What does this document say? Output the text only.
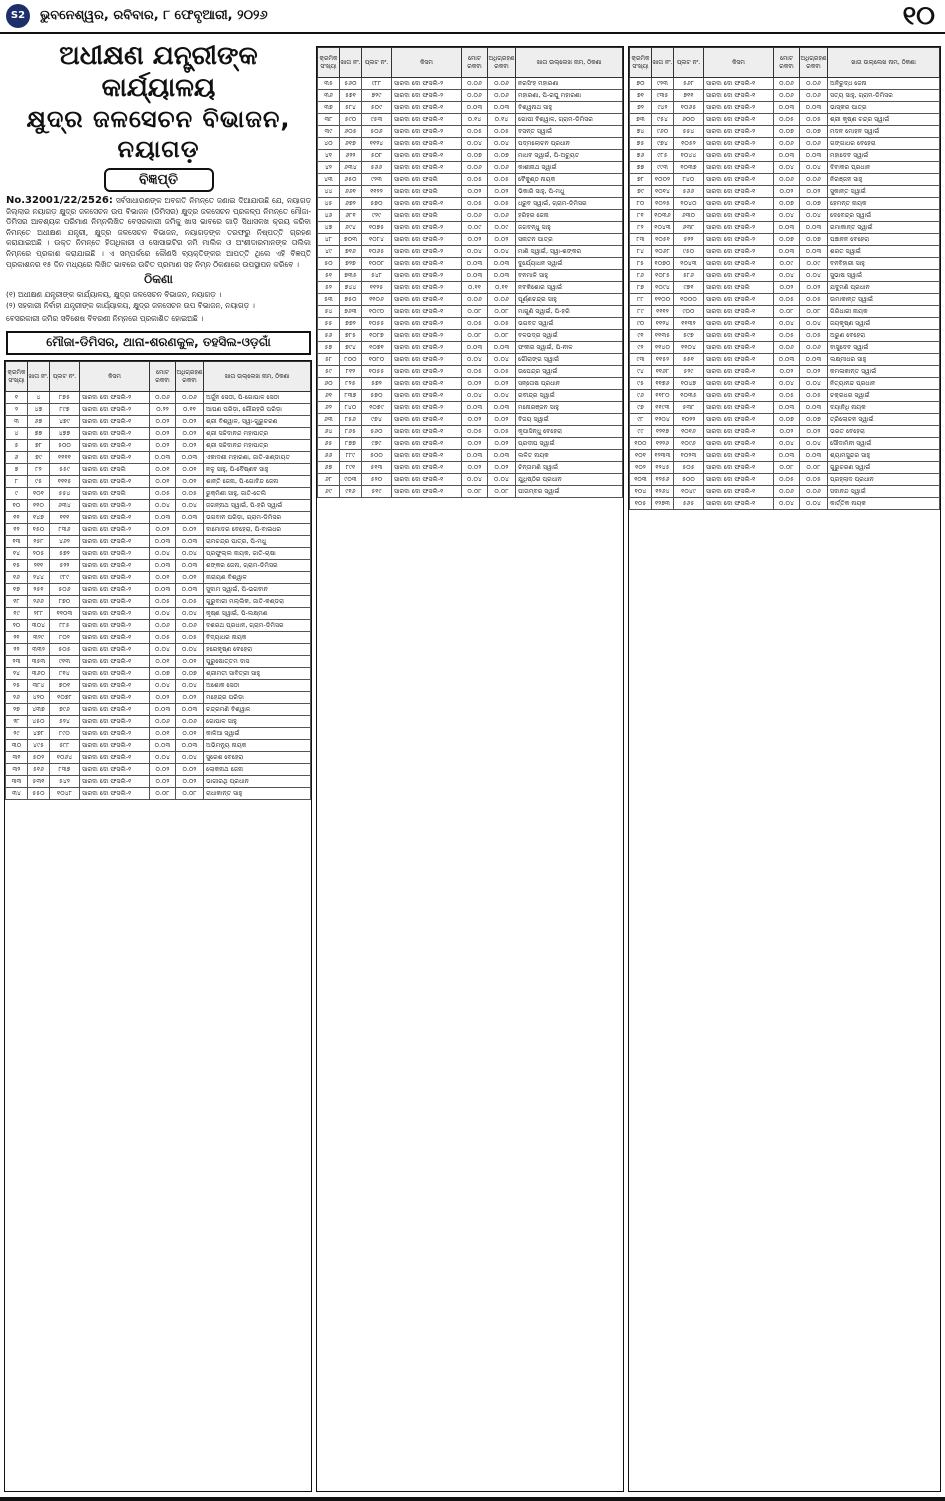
S2	ଭୁବନେଶ୍ୱର, ରବିବାର, ୮ ଫେବୃଆରୀ, ୨୦୨୬	୧୦
ଅଧୀକ୍ଷଣ ଯନ୍ତ୍ରୀଙ୍କ କାର୍ଯ୍ୟାଳୟ
କ୍ଷୁଦ୍ର ଜଳସେଚନ ବିଭାଜନ, ନୟାଗଡ଼
ବିଜ୍ଞପ୍ତି
No.32001/22/2526: ସର୍ବସାଧାରଣଙ୍କ ଅବଗତି ନିମନ୍ତେ ଜଣାଇ ଦିଆଯାଉଛି ଯେ, ନୟାଗଡ଼ ଜିଲ୍ଲାର ନୟାଗଡ଼ କ୍ଷୁଦ୍ର ଜଳସେଚନ ଉପ ବିଭାଜନ (ଡିମିସର) କ୍ଷୁଦ୍ର ଜଳସେଚନ ପ୍ରକଳ୍ପ ନିମନ୍ତେ ମୌଜା-ଡିମିସର ଆବଶ୍ୟକ ପରିମାଣ ନିମ୍ନଲିଖିତ ବେସରକାରୀ ଜମିକୁ ଖାସ ଭାବରେ ଗାଡ଼ି ସିଧାସଳଖ କ୍ରୟ କରିବା ନିମନ୍ତେ ଅଧୀକ୍ଷଣ ଯନ୍ତ୍ରୀ, କ୍ଷୁଦ୍ର ଜଳସେଚନ ବିଭାଜନ, ନୟାଗଡ଼ଙ୍କ ତରଫରୁ ନିଷ୍ପତ୍ତି ଗ୍ରହଣ କରାଯାଇଅଛି । ଉକ୍ତ ନିମନ୍ତେ ହିତାଧିକାରୀ ଓ ସୋସାଇଟିର ଜମି ମାଲିକ ଓ ଅଂଶୀଦାରମାନଙ୍କ ତାଲିକା ନିମ୍ନରେ ପ୍ରକାଶ କରାଯାଇଛି । ଏ ସମ୍ପର୍କରେ କୌଣସି ବ୍ୟକ୍ତିଙ୍କର ଆପତ୍ତି ଥିଲେ ଏହି ବିଜ୍ଞପ୍ତି ପ୍ରକାଶନର ୧୫ ଦିନ ମଧ୍ୟରେ ଲିଖିତ ଭାବରେ ଉଚିତ ପ୍ରମାଣ ସହ ନିମ୍ନ ଠିକଣାରେ ଉପସ୍ଥାପନ କରିବେ ।
ଠିକଣା
(୧) ଅଧୀକ୍ଷଣ ଯନ୍ତ୍ରୀଙ୍କ କାର୍ଯ୍ୟାଳୟ, କ୍ଷୁଦ୍ର ଜଳସେଚନ ବିଭାଜନ, ନୟାଗଡ଼ ।
(୨) ସହକାରୀ ନିର୍ବାହୀ ଯନ୍ତ୍ରୀଙ୍କ କାର୍ଯ୍ୟାଳୟ, କ୍ଷୁଦ୍ର ଜଳସେଚନ ଉପ ବିଭାଜନ, ନୟାଗଡ଼ ।
ବେସରକାରୀ ଜମିର ସବିଶେଷ ବିବରଣୀ ନିମ୍ନରେ ପ୍ରକାଶିତ ହୋଇଅଛି ।
ମୌଜା-ଡିମିସର, ଥାନା-ଶରଣକୁଳ, ତହସିଲ-ଓଡ଼ଗାଁ
କ୍ରମିକ ସଂଖ୍ୟା	ଖାତା ନଂ.	ପ୍ଲଟ ନଂ.	କିସମ	ମୋଟ ରକବା	ଅଧିଗ୍ରହଣ ରକବା	ଖାତା ଉଲ୍ଲେଖ ନାମ, ଠିକଣା
୧	୪	୮୭୫	ସାରଦା ଦୋ ଫସଲି-୨	୦.୦୬	୦.୦୬	ଅର୍ଜୁନ ସେଠୀ, ପି-ଗୋପାଳ ସେଠୀ
୨	୪୭	୮୯୭	ସାରଦା ଦୋ ଫସଲି-୨	୦.୨୨	୦.୧୧	ଆପଣ ପରିଡ଼ା, ଗୌରହରି ପରିଡ଼ା
୩	୬୭	୪୭୯	ସାରଦା ଦୋ ଫସଲି-୧	୦.୦୨	୦.୦୨	ଶ୍ରୀ ବିଶ୍ୱାଳ, ସ୍ୱା-ଗୁରୁଚରଣ
୪	୭୭	୪୭୭	ସାରଦା ଦୋ ଫସଲି-୧	୦.୦୨	୦.୦୨	ଶ୍ରୀ ସଚ୍ଚିଦାନନ୍ଦ ମହାପାତ୍ର
୫	୭୮	୫୦୦	ସାରଦା ଦୋ ଫସଲି-୧	୦.୦୨	୦.୦୨	ଶ୍ରୀ ସଚ୍ଚିଦାନନ୍ଦ ମହାପାତ୍ର
୬	୭୯	୧୧୧୧	ସାରଦା ଦୋ ଫସଲି-୧	୦.୦୩	୦.୦୩	ଏକାଦଶୀ ମହାରଣା, ଜାତି-ଖଣ୍ଡାୟତ
୭	୮୨	୫୫୯	ସାରଦା ଦୋ ଫସଲି	୦.୦୧	୦.୦୧	ନଳୁ ସାହୁ, ପି-ବୈଷ୍ଣବ ସାହୁ
୮	୯୫	୧୧୧୫	ସାରଦା ଦୋ ଫସଲି-୧	୦.୦୧	୦.୦୧	ଶାନ୍ତି ଜେନା, ପି-ଗୋବିନ୍ଦ ଜେନା
୯	୧୦୧	୫୫୪	ସାରଦା ଦୋ ଫସଲି	୦.୦୫	୦.୦୫	ରୁକ୍ମିଣୀ ସାହୁ, ଜାତି-ତେଲି
୧୦	୧୧୦	୬୩୪	ସାରଦା ଦୋ ଫସଲି-୨	୦.୦୪	୦.୦୪	ଜଗନ୍ନାଥ ସ୍ୱାଇଁ, ପି-ହରି ସ୍ୱାଇଁ
୧୧	୧୪୭	୧୧୧	ସାରଦା ଦୋ ଫସଲି-୧	୦.୦୩	୦.୦୩	ଭଗବାନ ପରିଡ଼ା, ଗ୍ରାମ-ଡିମିସର
୧୨	୧୫୦	୮୩୬	ସାରଦା ଦୋ ଫସଲି-୨	୦.୦୨	୦.୦୨	ଦାମୋଦର ବେହେରା, ପି-ବାଇଧର
୧୩	୧୫୮	୪୬୨	ସାରଦା ଦୋ ଫସଲି-୧	୦.୦୩	୦.୦୩	ରାମଚନ୍ଦ୍ର ପାତ୍ର, ପି-ମଧୁ
୧୪	୨୦୫	୫୭୨	ସାରଦା ଦୋ ଫସଲି-୨	୦.୦୪	୦.୦୪	ପ୍ରଫୁଲ୍ଲ ନାୟକ, ଜାତି-ଚାଷା
୧୫	୨୧୧	୫୨୨	ସାରଦା ଦୋ ଫସଲି-୧	୦.୦୩	୦.୦୩	ଶଙ୍କର ଜେନା, ଗ୍ରାମ-ଡିମିସର
୧୬	୨୪୪	୯୮୯	ସାରଦା ଦୋ ଫସଲି-୧	୦.୦୧	୦.୦୧	ନାରାୟଣ ବିଶ୍ୱାଳ
୧୭	୨୫୧	୫୦୬	ସାରଦା ଦୋ ଫସଲି-୨	୦.୦୩	୦.୦୩	ସୁଦାମ ସ୍ୱାଇଁ, ପି-ଭଗବାନ
୧୮	୨୬୬	୮୭୦	ସାରଦା ଦୋ ଫସଲି-୧	୦.୦୫	୦.୦୫	ଗୁରୁବାରୀ ମଲ୍ଲିକ, ଜାତି-କଣ୍ଡରା
୧୯	୨୮୮	୧୧୦୩	ସାରଦା ଦୋ ଫସଲି-୨	୦.୦୪	୦.୦୪	କୃଷ୍ଣ ସ୍ୱାଇଁ, ପି-ଲକ୍ଷ୍ମଣ
୨୦	୩୦୪	୮୮୫	ସାରଦା ଦୋ ଫସଲି-୨	୦.୦୬	୦.୦୬	ଦଶରଥ ପ୍ରଧାନ, ଗ୍ରାମ-ଡିମିସର
୨୧	୩୨୯	୮୦୨	ସାରଦା ଦୋ ଫସଲି-୧	୦.୦୫	୦.୦୫	ବିଦ୍ୟାଧର ନାୟକ
୨୨	୩୩୨	୫୦୫	ସାରଦା ଦୋ ଫସଲି-୧	୦.୦୪	୦.୦୪	ହରେକୃଷ୍ଣ ବେହେରା
୨୩	୩୫୩	୯୧୩	ସାରଦା ଦୋ ଫସଲି-୧	୦.୦୧	୦.୦୧	ପୁରୁଷୋତ୍ତମ ଦାସ
୨୪	୩୬୦	୮୧୪	ସାରଦା ଦୋ ଫସଲି-୧	୦.୦୭	୦.୦୭	ଶ୍ରୀମତୀ ସାବିତ୍ରୀ ସାହୁ
୨୫	୩୮୪	୭୦୧	ସାରଦା ଦୋ ଫସଲି-୧	୦.୦୪	୦.୦୪	ଅଶୋକ ସେଠୀ
୨୬	୪୨୦	୧୦୭୮	ସାରଦା ଦୋ ଫସଲି-୧	୦.୦୨	୦.୦୨	ମହେନ୍ଦ୍ର ପରିଡ଼ା
୨୭	୪୩୭	୭୯୬	ସାରଦା ଦୋ ଫସଲି-୧	୦.୦୩	୦.୦୩	ଚନ୍ଦ୍ରମଣି ବିଶ୍ୱାଳ
୨୮	୪୫୦	୫୨୪	ସାରଦା ଦୋ ଫସଲି-୨	୦.୦୬	୦.୦୬	ଗୋପାଳ ସାହୁ
୨୯	୪୭୮	୮୯୦	ସାରଦା ଦୋ ଫସଲି-୨	୦.୦୧	୦.୦୧	କାଳିଆ ସ୍ୱାଇଁ
୩୦	୪୯୫	୫୮୮	ସାରଦା ଦୋ ଫସଲି-୧	୦.୦୩	୦.୦୩	ଅଭିମନ୍ୟୁ ନାୟକ
୩୧	୫୦୨	୧୦୬୪	ସାରଦା ଦୋ ଫସଲି-୧	୦.୦୪	୦.୦୪	ସୁରେଶ ବେହେରା
୩୨	୫୧୬	୮୩୭	ସାରଦା ଦୋ ଫସଲି-୧	୦.୦୨	୦.୦୨	ଲୋକନାଥ ଜେନା
୩୩	୫୩୧	୫୪୨	ସାରଦା ଦୋ ଫସଲି-୧	୦.୦୨	୦.୦୨	ଭାଗୀରଥି ପ୍ରଧାନ
୩୪	୫୫୦	୧୦୪୮	ସାରଦା ଦୋ ଫସଲି-୧	୦.୦୮	୦.୦୮	ରାଧାକାନ୍ତ ସାହୁ
କ୍ରମିକ ସଂଖ୍ୟା	ଖାତା ନଂ.	ପ୍ଲଟ ନଂ.	କିସମ	ମୋଟ ରକବା	ଅଧିଗ୍ରହଣ ରକବା	ଖାତା ଉଲ୍ଲେଖ ନାମ, ଠିକଣା
୩୫	୫୬୦	୯୮୮	ସାରଦା ଦୋ ଫସଲି-୨	୦.୦୬	୦.୦୬	ନରସିଂହ ମହାରଣା
୩୬	୫୭୧	୭୨୯	ସାରଦା ଦୋ ଫସଲି-୨	୦.୦୬	୦.୦୬	ମହାରଣା, ପି-ରଘୁ ମହାରଣା
୩୭	୫୮୪	୫୦୯	ସାରଦା ଦୋ ଫସଲି-୧	୦.୦୩	୦.୦୩	ବିଶ୍ୱନାଥ ସାହୁ
୩୮	୫୯୦	୯୫୩	ସାରଦା ଦୋ ଫସଲି-୧	୦.୧୪	୦.୧୪	ଗୋପୀ ବିଶ୍ୱାଳ, ଗ୍ରାମ-ଡିମିସର
୩୯	୬୦୫	୫୦୬	ସାରଦା ଦୋ ଫସଲି-୨	୦.୦୫	୦.୦୫	ବସନ୍ତ ସ୍ୱାଇଁ
୪୦	୬୧୭	୧୧୨୪	ସାରଦା ଦୋ ଫସଲି-୧	୦.୦୪	୦.୦୪	ପଦ୍ମଲୋଚନ ପ୍ରଧାନ
୪୧	୬୨୨	୫୦୮	ସାରଦା ଦୋ ଫସଲି-୧	୦.୦୭	୦.୦୭	ମାଧବ ସ୍ୱାଇଁ, ପି-ଅଚ୍ୟୁତ
୪୨	୬୩୪	୫୬୬	ସାରଦା ଦୋ ଫସଲି-୧	୦.୦୬	୦.୦୬	କାଶୀନାଥ ସ୍ୱାଇଁ
୪୩	୬୫୦	୯୨୩	ସାରଦା ଦୋ ଫସଲି	୦.୦୫	୦.୦୫	ବୈକୁଣ୍ଠ ନାୟକ
୪୪	୬୬୧	୧୧୨୨	ସାରଦା ଦୋ ଫସଲି	୦.୦୨	୦.୦୨	ଭିକାରି ସାହୁ, ପି-ମଧୁ
୪୫	୬୭୨	୫୭୦	ସାରଦା ଦୋ ଫସଲି-୧	୦.୦୫	୦.୦୫	ଧ୍ରୁବ ସ୍ୱାଇଁ, ଗ୍ରାମ-ଡିମିସର
୪୬	୬୮୧	୯୨୯	ସାରଦା ଦୋ ଫସଲି	୦.୦୬	୦.୦୬	ହରିହର ଜେନା
୪୭	୬୯୪	୧୦୭୫	ସାରଦା ଦୋ ଫସଲି-୨	୦.୦୯	୦.୦୯	ଜଗବନ୍ଧୁ ସାହୁ
୪୮	୭୦୩	୧୦୮୪	ସାରଦା ଦୋ ଫସଲି-୨	୦.୦୨	୦.୦୨	ସନାତନ ପାତ୍ର
୪୯	୭୧୬	୧୦୬୫	ସାରଦା ଦୋ ଫସଲି-୨	୦.୦୪	୦.୦୪	ମାଣି ସ୍ୱାଇଁ, ସ୍ୱା-ଶଙ୍କର
୫୦	୭୨୭	୧୦୦୮	ସାରଦା ଦୋ ଫସଲି-୧	୦.୦୩	୦.୦୩	ଦୁର୍ଯ୍ୟୋଧନ ସ୍ୱାଇଁ
୫୧	୭୩୫	୫୪୮	ସାରଦା ଦୋ ଫସଲି-୨	୦.୦୩	୦.୦୩	ବନମାଳି ସାହୁ
୫୨	୭୪୪	୧୧୨୫	ସାରଦା ଦୋ ଫସଲି-୨	୦.୧୧	୦.୧୧	ନବକିଶୋର ସ୍ୱାଇଁ
୫୩	୭୫୦	୧୧୦୬	ସାରଦା ଦୋ ଫସଲି-୧	୦.୦୬	୦.୦୬	ପୂର୍ଣ୍ଣଚନ୍ଦ୍ର ସାହୁ
୫୪	୭୬୩	୧୦୯୦	ସାରଦା ଦୋ ଫସଲି-୧	୦.୦୮	୦.୦୮	ମାଗୁଣି ସ୍ୱାଇଁ, ପି-ହରି
୫୫	୭୭୨	୧୦୫୫	ସାରଦା ଦୋ ଫସଲି-୨	୦.୦୫	୦.୦୫	ଭଗବତ ସ୍ୱାଇଁ
୫୬	୭୮୫	୧୦୮୭	ସାରଦା ଦୋ ଫସଲି-୨	୦.୦୮	୦.୦୮	ବଳଭଦ୍ର ସ୍ୱାଇଁ
୫୭	୭୯୪	୧୦୭୧	ସାରଦା ଦୋ ଫସଲି-୨	୦.୦୩	୦.୦୩	ଫକୀର ସ୍ୱାଇଁ, ପି-ନୀଳ
୫୮	୮୦୦	୧୦୮୦	ସାରଦା ଦୋ ଫସଲି-୨	୦.୦୪	୦.୦୪	ଗୌରାଙ୍ଗ ସ୍ୱାଇଁ
୫୯	୮୧୨	୧୦୫୫	ସାରଦା ଦୋ ଫସଲି-୨	୦.୦୫	୦.୦୫	ଉପେନ୍ଦ୍ର ସ୍ୱାଇଁ
୬୦	୮୨୫	୫୭୨	ସାରଦା ଦୋ ଫସଲି-୧	୦.୦୨	୦.୦୨	ସନ୍ତୋଷ ପ୍ରଧାନ
୬୧	୮୩୭	୫୭୦	ସାରଦା ଦୋ ଫସଲି-୧	୦.୦୪	୦.୦୪	ରବୀନ୍ଦ୍ର ସ୍ୱାଇଁ
୬୨	୮୪୦	୧୦୭୯	ସାରଦା ଦୋ ଫସଲି-୨	୦.୦୩	୦.୦୩	ମନୋରଞ୍ଜନ ସାହୁ
୬୩	୮୫୬	୯୭୪	ସାରଦା ଦୋ ଫସଲି-୧	୦.୦୨	୦.୦୨	ବିଜୟ ସ୍ୱାଇଁ
୬୪	୮୬୫	୫୬୦	ସାରଦା ଦୋ ଫସଲି-୧	୦.୦୫	୦.୦୫	କୃପାସିନ୍ଧୁ ବେହେରା
୬୫	୮୭୭	୯୭୯	ସାରଦା ଦୋ ଫସଲି-୧	୦.୦୨	୦.୦୨	ପ୍ରଦୀପ ସ୍ୱାଇଁ
୬୬	୮୮୯	୫୦୦	ସାରଦା ଦୋ ଫସଲି-୧	୦.୦୩	୦.୦୩	ଲଳିତ ନାୟକ
୬୭	୮୯୧	୫୧୩	ସାରଦା ଦୋ ଫସଲି-୧	୦.୦୨	୦.୦୨	ଚିନ୍ତାମଣି ସ୍ୱାଇଁ
୬୮	୯୦୩	୫୨୦	ସାରଦା ଦୋ ଫସଲି-୧	୦.୦୪	୦.୦୪	ଯୁଧିଷ୍ଠିର ପ୍ରଧାନ
୬୯	୯୧୬	୫୧୯	ସାରଦା ଦୋ ଫସଲି-୧	୦.୦୮	୦.୦୮	ପୀତାମ୍ବର ସ୍ୱାଇଁ
କ୍ରମିକ ସଂଖ୍ୟା	ଖାତା ନଂ.	ପ୍ଲଟ ନଂ.	କିସମ	ମୋଟ ରକବା	ଅଧିଗ୍ରହଣ ରକବା	ଖାତା ଉଲ୍ଲେଖ ନାମ, ଠିକଣା
୭୦	୯୨୩	୫୬୮	ସାରଦା ଦୋ ଫସଲି-୧	୦.୦୬	୦.୦୬	ଅନିରୁଦ୍ଧ ଜେନା
୭୧	୯୩୫	୭୧୧	ସାରଦା ଦୋ ଫସଲି-୧	୦.୦୬	୦.୦୬	ସତ୍ୟ ସାହୁ, ଗ୍ରାମ-ଡିମିସର
୭୨	୯୪୨	୧୦୬୫	ସାରଦା ଦୋ ଫସଲି-୨	୦.୦୩	୦.୦୩	ଭାସ୍କର ପାତ୍ର
୭୩	୯୫୪	୬୦୦	ସାରଦା ଦୋ ଫସଲି-୧	୦.୦୫	୦.୦୫	ଶ୍ରୀ କୃଷ୍ଣ ଚନ୍ଦ୍ର ସ୍ୱାଇଁ
୭୪	୯୬୦	୫୫୪	ସାରଦା ଦୋ ଫସଲି-୨	୦.୦୭	୦.୦୭	ମଦନ ମୋହନ ସ୍ୱାଇଁ
୭୫	୯୭୪	୧୦୫୨	ସାରଦା ଦୋ ଫସଲି-୨	୦.୦୬	୦.୦୬	ଗଙ୍ଗାଧର ବେହେରା
୭୬	୯୮୫	୧୦୪୪	ସାରଦା ଦୋ ଫସଲି-୧	୦.୦୩	୦.୦୩	ମହାଦେବ ସ୍ୱାଇଁ
୭୭	୯୯୩	୧୦୩୭	ସାରଦା ଦୋ ଫସଲି-୧	୦.୦୪	୦.୦୪	ଦିବାକର ପ୍ରଧାନ
୭୮	୧୦୦୨	୮୪୦	ସାରଦା ଦୋ ଫସଲି-୧	୦.୦୬	୦.୦୬	ନିରଞ୍ଜନ ସାହୁ
୭୯	୧୦୧୪	୫୬୬	ସାରଦା ଦୋ ଫସଲି-୧	୦.୦୨	୦.୦୨	ସୁକାନ୍ତ ସ୍ୱାଇଁ
୮୦	୧୦୨୫	୧୦୪୦	ସାରଦା ଦୋ ଫସଲି-୧	୦.୦୭	୦.୦୭	ହେମନ୍ତ ନାୟକ
୮୧	୧୦୩୬	୬୩୦	ସାରଦା ଦୋ ଫସଲି-୧	୦.୦୪	୦.୦୪	ଦେବେନ୍ଦ୍ର ସ୍ୱାଇଁ
୮୨	୧୦୪୩	୬୩୮	ସାରଦା ଦୋ ଫସଲି-୨	୦.୦୩	୦.୦୩	ରମାକାନ୍ତ ସ୍ୱାଇଁ
୮୩	୧୦୫୧	୫୨୨	ସାରଦା ଦୋ ଫସଲି-୨	୦.୦୭	୦.୦୭	ପଞ୍ଚାନନ ବେହେରା
୮୪	୧୦୬୮	୯୫୦	ସାରଦା ଦୋ ଫସଲି-୨	୦.୦୩	୦.୦୩	ଶରତ ସ୍ୱାଇଁ
୮୫	୧୦୭୦	୧୦୪୩	ସାରଦା ଦୋ ଫସଲି-୧	୦.୦୯	୦.୦୯	ବନବିହାରୀ ସାହୁ
୮୬	୧୦୮୫	୫୮୬	ସାରଦା ଦୋ ଫସଲି-୧	୦.୦୪	୦.୦୪	ସୁଭାଷ ସ୍ୱାଇଁ
୮୭	୧୦୯୪	୯୭୧	ସାରଦା ଦୋ ଫସଲି	୦.୦୨	୦.୦୨	ଯଦୁମଣି ପ୍ରଧାନ
୮୮	୧୧୦୦	୧୦୦୦	ସାରଦା ଦୋ ଫସଲି-୧	୦.୦୫	୦.୦୫	ଉମାକାନ୍ତ ସ୍ୱାଇଁ
୮୯	୧୧୧୨	୯୦୦	ସାରଦା ଦୋ ଫସଲି-୧	୦.୦୮	୦.୦୮	ଗିରିଧାରୀ ନାୟକ
୯୦	୧୧୨୪	୧୧୩୨	ସାରଦା ଦୋ ଫସଲି-୧	୦.୦୪	୦.୦୪	ଜୟକୃଷ୍ଣ ସ୍ୱାଇଁ
୯୧	୧୧୩୫	୫୯୭	ସାରଦା ଦୋ ଫସଲି-୧	୦.୦୫	୦.୦୫	ଅରୁଣ ବେହେରା
୯୨	୧୧୪୦	୧୧୦୪	ସାରଦା ଦୋ ଫସଲି-୧	୦.୦୬	୦.୦୬	ବାସୁଦେବ ସ୍ୱାଇଁ
୯୩	୧୧୫୨	୫୫୧	ସାରଦା ଦୋ ଫସଲି-୧	୦.୦୩	୦.୦୩	ଲକ୍ଷ୍ମୀଧର ସାହୁ
୯୪	୧୧୬୮	୫୨୯	ସାରଦା ଦୋ ଫସଲି-୧	୦.୦୨	୦.୦୨	କମଳାକାନ୍ତ ସ୍ୱାଇଁ
୯୫	୧୧୭୬	୧୦୪୭	ସାରଦା ଦୋ ଫସଲି-୧	୦.୦୪	୦.୦୪	ନିତ୍ୟାନନ୍ଦ ପ୍ରଧାନ
୯୬	୧୧୮୦	୧୦୩୫	ସାରଦା ଦୋ ଫସଲି-୧	୦.୦୫	୦.୦୫	ଚକ୍ରଧର ସ୍ୱାଇଁ
୯୭	୧୧୯୩	୫୩୮	ସାରଦା ଦୋ ଫସଲି-୧	୦.୦୩	୦.୦୩	ଦୟାନିଧି ନାୟକ
୯୮	୧୨୦୪	୧୦୨୨	ସାରଦା ଦୋ ଫସଲି-୧	୦.୦୭	୦.୦୭	ତ୍ରିଲୋଚନ ସ୍ୱାଇଁ
୯୯	୧୨୧୭	୧୦୧୬	ସାରଦା ଦୋ ଫସଲି-୧	୦.୦୨	୦.୦୨	ଭରତ ବେହେରା
୧୦୦	୧୨୨୬	୧୦୯୬	ସାରଦା ଦୋ ଫସଲି-୧	୦.୦୪	୦.୦୪	ସୌଦାମିନୀ ସ୍ୱାଇଁ
୧୦୧	୧୨୩୩	୧୦୨୩	ସାରଦା ଦୋ ଫସଲି-୧	୦.୦୩	୦.୦୩	ଶ୍ୟାମସୁନ୍ଦର ସାହୁ
୧୦୨	୧୨୪୫	୫୦୫	ସାରଦା ଦୋ ଫସଲି-୧	୦.୦୮	୦.୦୮	ଗୁରୁଚରଣ ସ୍ୱାଇଁ
୧୦୩	୧୨୫୬	୫୦୦	ସାରଦା ଦୋ ଫସଲି-୧	୦.୦୫	୦.୦୫	ପ୍ରହ୍ଲାଦ ପ୍ରଧାନ
୧୦୪	୧୨୬୪	୧୦୪୯	ସାରଦା ଦୋ ଫସଲି-୧	୦.୦୬	୦.୦୬	ସଦାନନ୍ଦ ସ୍ୱାଇଁ
୧୦୫	୧୨୭୩	୫୬୫	ସାରଦା ଦୋ ଫସଲି-୧	୦.୦୪	୦.୦୪	କାର୍ତ୍ତିକ ନାୟକ
